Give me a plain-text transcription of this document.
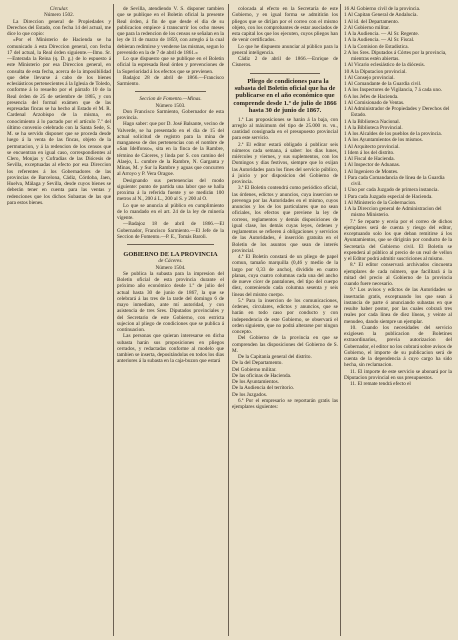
Circular.

Número 1502.

La Direccion general de Propiedades y Derechos del Estado, con fecha 14 del actual, me dice lo que copio:

«Por el Ministerio de Hacienda se ha comunicado á esta Direccion general, con fecha 17 del actual, la Real órden siguiente.—Ilmo. Sr.—Enterada la Reina (q. D. g.) de lo espuesto á este Ministerio por esa Direccion general, en consulta de esta fecha, acerca de la imposibilidad que debe llevarse á cabo de los bienes eclesiásticos pertenecientes á la Iglesia de Toledo, conforme á lo resuelto por el párrafo 10 de la Real órden de 25 de setiembre de 1865, y con presencia del formal exámen que de las espresadas fincas se ha hecho al Estado el M. R. Cardenal Arzobispo de la misma, en conocimiento á lo pactado por el artículo 7.º del último convenio celebrado con la Santa Sede, S. M. se ha servido disponer que se proceda desde luego á la venta de las fincas, objeto de la permutacion, y á la redencion de los censos que se encuentran en igual caso, correspondientes al Clero, Monjas y Cofradías de las Diócesis de Sevilla, exceptuadas al efecto por esa Direccion los referentes á los Gobernadores de las provincias de Barcelona, Cádiz, Córdoba, Jaen, Huelva, Málaga y Sevilla, desde cuyos bienes se deberán tener en cuenta para las ventas y redenciones que los dichos Subastas de las que para estos bienes.

de Sevilla, atendiendo V. S. disponer tambien que se publique en el Boletin oficial la presente Real órden, á fin de que desde el dia de su publicacion empiece á transcurrir los ocho meses que para la redencion de los censos se señalan en la ley de 11 de marzo de 1859, con arreglo á la cual debieran redimirse y venderse las mismas, segun lo prevenido en la de 7 de abril de 1861.»

Lo que dispuesto que se publique en el Boletin oficial la espresada Real órden y prevenciones de la Superioridad á los efectos que se previenen.

Badajoz 28 de abril de 1866.—Francisco Sarmiento.

Seccion de Fomento.—Minas.

Número 1503.

Don Francisco Sarmiento, Gobernador de esta provincia.

Hago saber: que por D. José Balsante, vecino de Valverde, se ha presentado en el dia de 15 del actual solicitud de registro para la mina de manganeso de dos pertenencias con el nombre de «San Idelfonso», sita en la finca de la Rambre, término de Cáceres, y linda por S. con camino del Alaejo, L. cumbre de la Rambre, N. Garganta y Minas, M. y Sur la Rambre y aguas que concurren al Arroyo y P. Vera Oragoe.

Designando sus pertenencias del modo siguiente: punto de partida una labor que se halla proxima á la referida fuente y se medirán 100 metros al N., 200 á L., 200 al S. y 200 al O.

Lo que se anuncia al público en cumplimiento de lo mandado en el art. 24 de la ley de minería vigente.

—Badajoz 18 de abril de 1866.—El Gobernador, Francisco Sarmiento.—El Jefe de la Seccion de Fomento.—P. E., Tomás Baroli.

GOBIERNO DE LA PROVINCIA

de Cáceres.

Número 1504.

Se publica la subasta para la impresion del Boletin oficial de esta provincia durante el próximo año económico desde 1.º de julio del actual hasta 30 de junio de 1867, la que se celebrará á las tres de la tarde del domingo 6 de mayo inmediato, ante mí autoridad, y con asistencia de tres Sres. Diputados provinciales y del Secretario de este Gobierno, con estricta sujecion al pliego de condiciones que se publica á continuacion.

Las personas que quieran interesarse en dicha subasta harán sus proposiciones en pliegos cerrados, y redactadas conforme al modelo que tambien se inserta, depositándolas en todos los dias anteriores á la subasta en la caja-buzon que estará

colocada al efecto en la Secretaría de este Gobierno, y en igual forma se admitirán los pliegos que se dirijan por el correo con el mismo objeto, con los comprobantes de estar asociados de esta capital los que los ejecuten, cuyos pliegos han de venir certificados.

Lo que he dispuesto anunciar al público para la general inteligencia.

Cádiz 2 de abril de 1866.—Enrique de Cisneros.

Pliego de condiciones para la subasta del Boletin oficial que ha de publicarse en el año económico que comprende desde 1.º de julio de 1866 hasta 30 de junio de 1867.

1.ª Las proposiciones se harán á la baja, con arreglo al máximum del tipo de 25.000 rs. vn., cantidad consignada en el presupuesto provincial para este servicio.

2.ª El editor estará obligado á publicar seis números cada semana, á saber: los dias lunes, miércoles y viernes, y sus suplementos, con los Domingos y dias festivos, siempre que lo exijan las Autoridades para los fines del servicio público, á juicio y por disposicion del Gobierno de provincia.

3.ª El Boletin contendrá como periódico oficial, las órdenes, edictos y anuncios, cuya insercion se prevenga por las Autoridades en el mismo, cuyos anuncios y los de los particulares que no sean oficiales, los efectos que previene la ley de correos, reglamentos y demás disposiciones de igual clase, los demás cuyas leyes, órdenes y reglamentos se refieren á obligaciones y servicios de las Autoridades, é inserción gratuita en el Boletin de los asuntos que sean de interés provincial.

4.ª El Boletín constará de un pliego de papel comun, tamaño marquilla (0,46 y medio de la largo por 0,33 de ancho), dividido en cuatro planas, cuya cuatro columnas cada una del ancho de nueve cícer de pantalones, del tipo del cuerpo diez, conteniendo cada columna sesenta y seis líneas del mismo cuerpo.

5.ª Para la insercion de los comunicaciones, órdenes, circulares, edictos y anuncios, que se harán en todo caso por conducto y con independencia de este Gobierno, se observará el orden siguiente, que no podrá alterarse por ningun concepto.

Del Gobierno de la provincia en que se comprenden las disposiciones del Gobierno de S. M.

De la Capitanía general del distrito.

De la del Departamento.
Del Gobierno militar.
De las oficinas de Hacienda.
De los Ayuntamientos.
De la Audiencia del territorio.
De los Juzgados.

6.ª Por el empresario se reportarán gratis las ejemplares siguientes:

16 Al Gobierno civil de la provincia.
1 Al Capitan General de Andalucía.
1 Al id. del Departamento.
2 Al Gobierno militar.
1 A la Audiencia. — Al Sr. Regente.
1 A la Audiencia. — Al Sr. Fiscal.
1 A la Comision de Estadística.
2 A los Sres. Diputados á Córtes por la provincia, mientras estén abiertas.
1 Al Vicario eclesiástico de la diócesis.
10 A la Diputacion provincial.
1 Al Consejo provincial.
1 Al Comandante de la Guardia civil.
1 A los Inspectores de Vigilancia, 7 á cada uno.
6 A los Jefes de Hacienda.
1 Al Comisionado de Ventas.
1 Al Administrador de Propiedades y Derechos del Estado.
1 A la Biblioteca Nacional.
1 A la Biblioteca Provincial.
1 A los Alcaldes de los pueblos de la provincia.
1 A los Ayuntamientos de los mismos.
1 Al Arquitecto provincial.
1 Idem á los del distrito.
1 Al Fiscal de Hacienda.
1 Al Inspector de Aduanas.
1 Al Ingeniero de Montes.
1 Para cada Comandancia de línea de la Guardia civil.
1 Uno por cada Juzgado de primera instancia.
1 Para cada Juzgado especial de Hacienda.
1 Al Ministerio de la Gobernacion.
1 A la Direccion general de Administracion del mismo Ministerio.

7.ª Se reparte y envia por el correo de dichos ejemplares será de cuenta y riesgo del editor, exceptuando solo los que deban remitirse á los Ayuntamientos, que se dirigirán por conducto de la Secretaría del Gobierno civil. El Boletin se expenderá al público al precio de un real de vellon y el Editor podrá admitir suscriciones al mismo.

8.ª El editor conservará archivados cincuenta ejemplares de cada número, que facilitará á la mitad del precio al Gobierno de la provincia cuando fuere necesario.

9.ª Los avisos y edictos de las Autoridades se insertarán gratis, exceptuando los que sean á instancia de parte ó anunciando subastas en que resulte haber postor, por las cuales cobrará tres reales por cada línea de diez líneas, y veinte al menudeo, dando siempre un ejemplar.

10. Cuando los necesidades del servicio exigiesen la publicacion de Boletines extraordinarios, previa autorizacion del Gobernador, el editor no los cobrará sobre avisos de Gobierno, el importe de su publicacion será de cuenta de la dependencia á cuyo cargo ha sido hecha, sin reclamacion.

11. El importe de este servicio se abonará por la Diputacion provincial en sus presupuestos.

11. El remate tendrá efecto el
